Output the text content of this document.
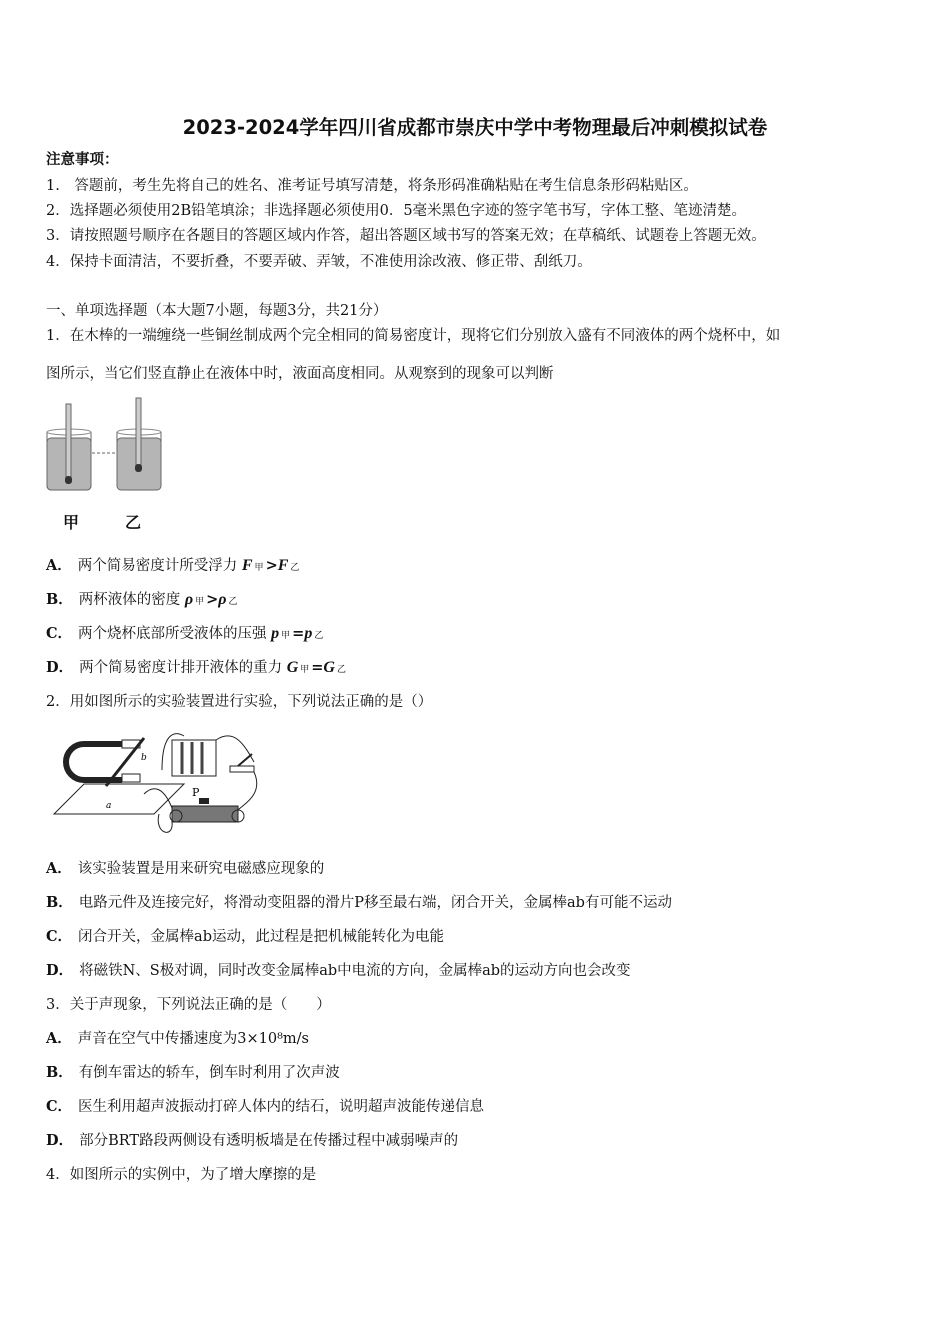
2023-2024学年四川省成都市崇庆中学中考物理最后冲刺模拟试卷
注意事项：
1.　答题前，考生先将自己的姓名、准考证号填写清楚，将条形码准确粘贴在考生信息条形码粘贴区。
2．选择题必须使用2B铅笔填涂；非选择题必须使用0．5毫米黑色字迹的签字笔书写，字体工整、笔迹清楚。
3．请按照题号顺序在各题目的答题区域内作答，超出答题区域书写的答案无效；在草稿纸、试题卷上答题无效。
4．保持卡面清洁，不要折叠，不要弄破、弄皱，不准使用涂改液、修正带、刮纸刀。
一、单项选择题（本大题7小题，每题3分，共21分）
1．在木棒的一端缠绕一些铜丝制成两个完全相同的简易密度计，现将它们分别放入盛有不同液体的两个烧杯中，如
图所示，当它们竖直静止在液体中时，液面高度相同。从观察到的现象可以判断
甲	乙
A． 两个简易密度计所受浮力 F 甲 >F 乙
B． 两杯液体的密度 ρ 甲 >ρ 乙
C． 两个烧杯底部所受液体的压强 p 甲 =p 乙
D． 两个简易密度计排开液体的重力 G 甲 =G 乙
2．用如图所示的实验装置进行实验，下列说法正确的是（）
b
a
P
A． 该实验装置是用来研究电磁感应现象的
B． 电路元件及连接完好，将滑动变阻器的滑片P移至最右端，闭合开关，金属棒ab有可能不运动
C． 闭合开关，金属棒ab运动，此过程是把机械能转化为电能
D． 将磁铁N、S极对调，同时改变金属棒ab中电流的方向，金属棒ab的运动方向也会改变
3．关于声现象，下列说法正确的是（　　）
A． 声音在空气中传播速度为3×10⁸m/s
B． 有倒车雷达的轿车，倒车时利用了次声波
C． 医生利用超声波振动打碎人体内的结石，说明超声波能传递信息
D． 部分BRT路段两侧设有透明板墙是在传播过程中减弱噪声的
4．如图所示的实例中，为了增大摩擦的是
